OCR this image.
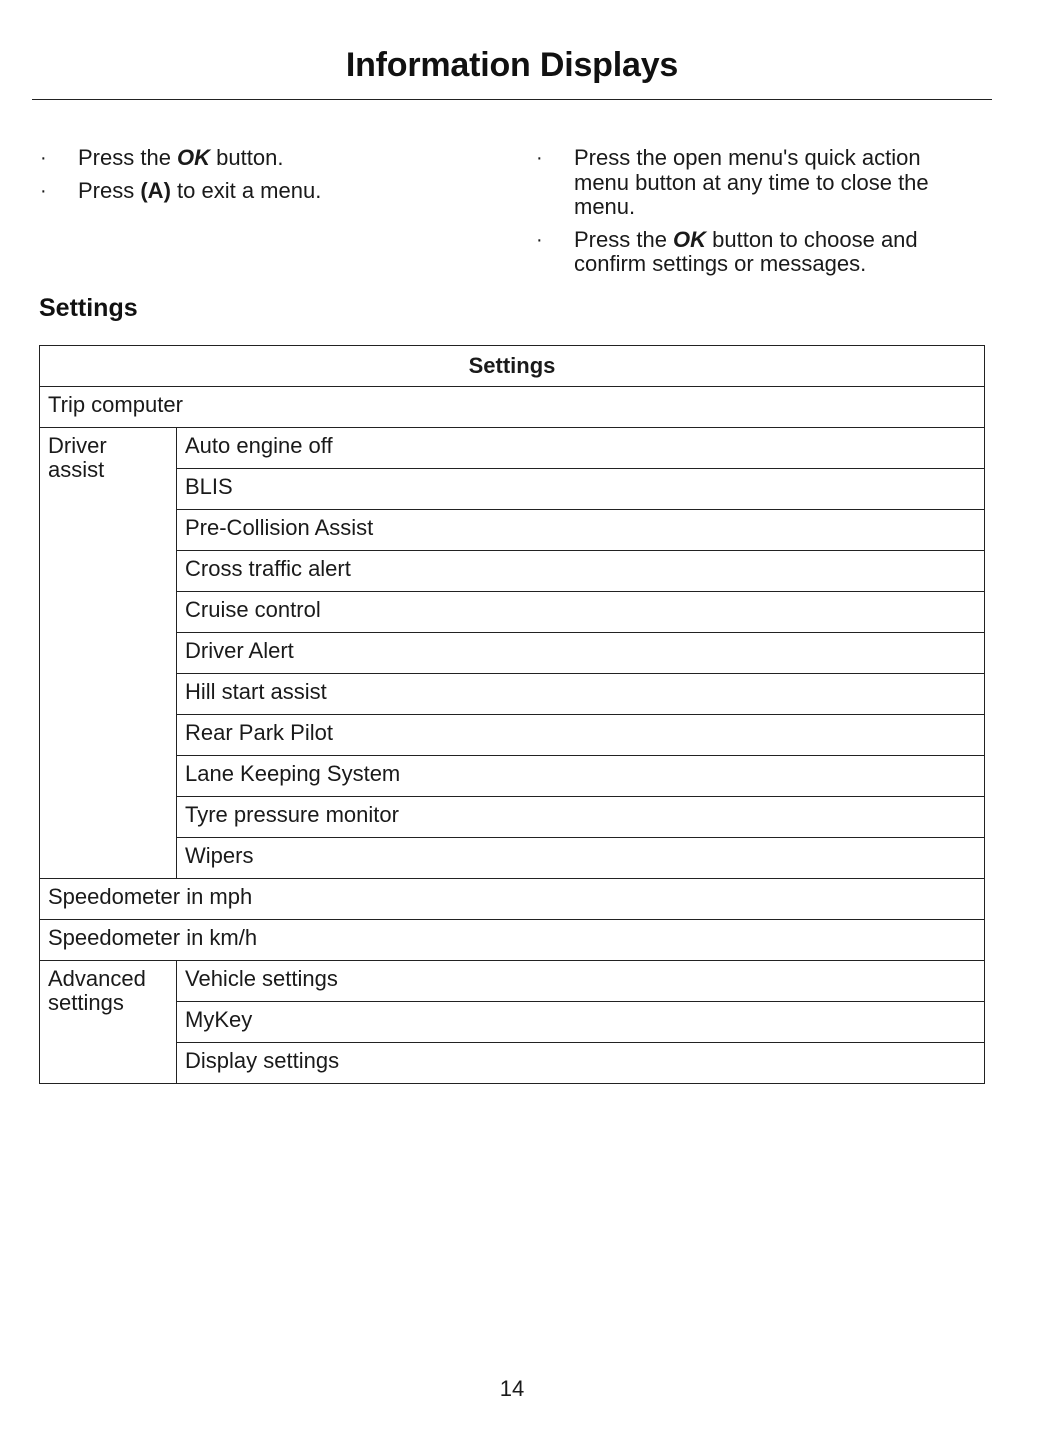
Information Displays
· Press the OK button.
· Press (A) to exit a menu.
· Press the open menu's quick action menu button at any time to close the menu.
· Press the OK button to choose and confirm settings or messages.
Settings
Settings	
Trip computer	
Driver assist	Auto engine off
	BLIS
	Pre-Collision Assist
	Cross traffic alert
	Cruise control
	Driver Alert
	Hill start assist
	Rear Park Pilot
	Lane Keeping System
	Tyre pressure monitor
	Wipers
Speedometer in mph	
Speedometer in km/h	
Advanced settings	Vehicle settings
	MyKey
	Display settings
14
